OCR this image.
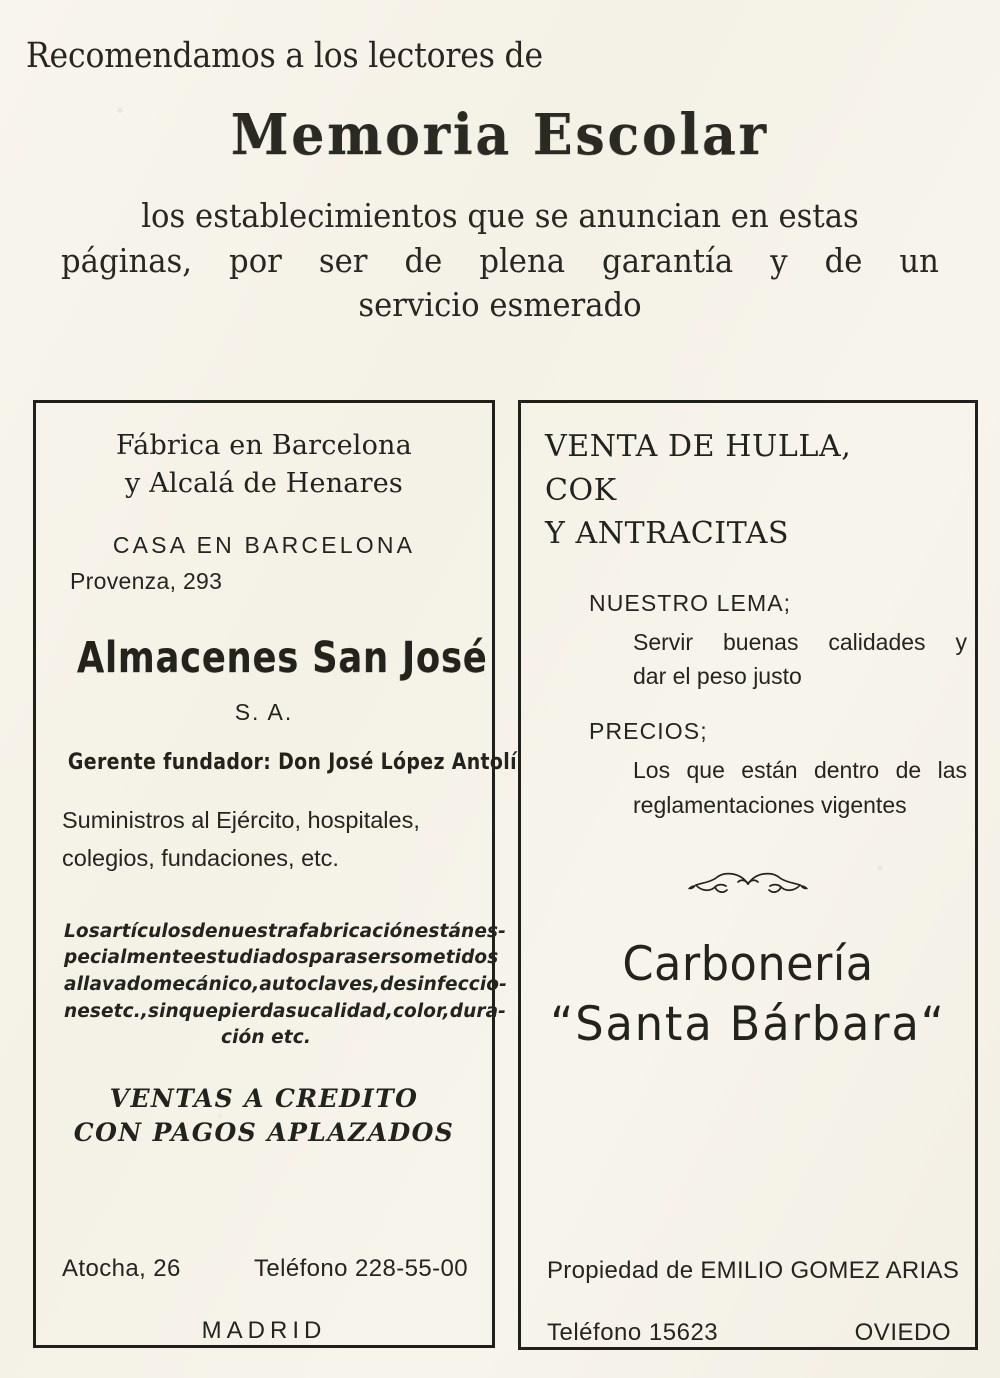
Recomendamos a los lectores de
Memoria Escolar
los establecimientos que se anuncian en estas
páginas, por ser de plena garantía y de un
servicio esmerado
Fábrica en Barcelona
y Alcalá de Henares
CASA EN BARCELONA
Provenza, 293
Almacenes San José
S. A.
Gerente fundador: Don José López Antolí
Suministros al Ejército, hospitales,
colegios, fundaciones, etc.
Los artículos de nuestra fabricación están es-
pecialmente estudiados para ser sometidos
al lavado mecánico, autoclaves, desinfeccio-
nes etc., sin que pierda su calidad, color, dura-
ción etc.
VENTAS A CREDITO
CON PAGOS APLAZADOS
Atocha, 26	Teléfono 228-55-00
MADRID
VENTA DE HULLA,
COK
Y ANTRACITAS

NUESTRO LEMA;

Servir buenas calidades y
dar el peso justo

PRECIOS;

Los que están dentro de las
reglamentaciones vigentes
Carbonería
“Santa Bárbara“
Propiedad de EMILIO GOMEZ ARIAS
Teléfono 15623	OVIEDO
